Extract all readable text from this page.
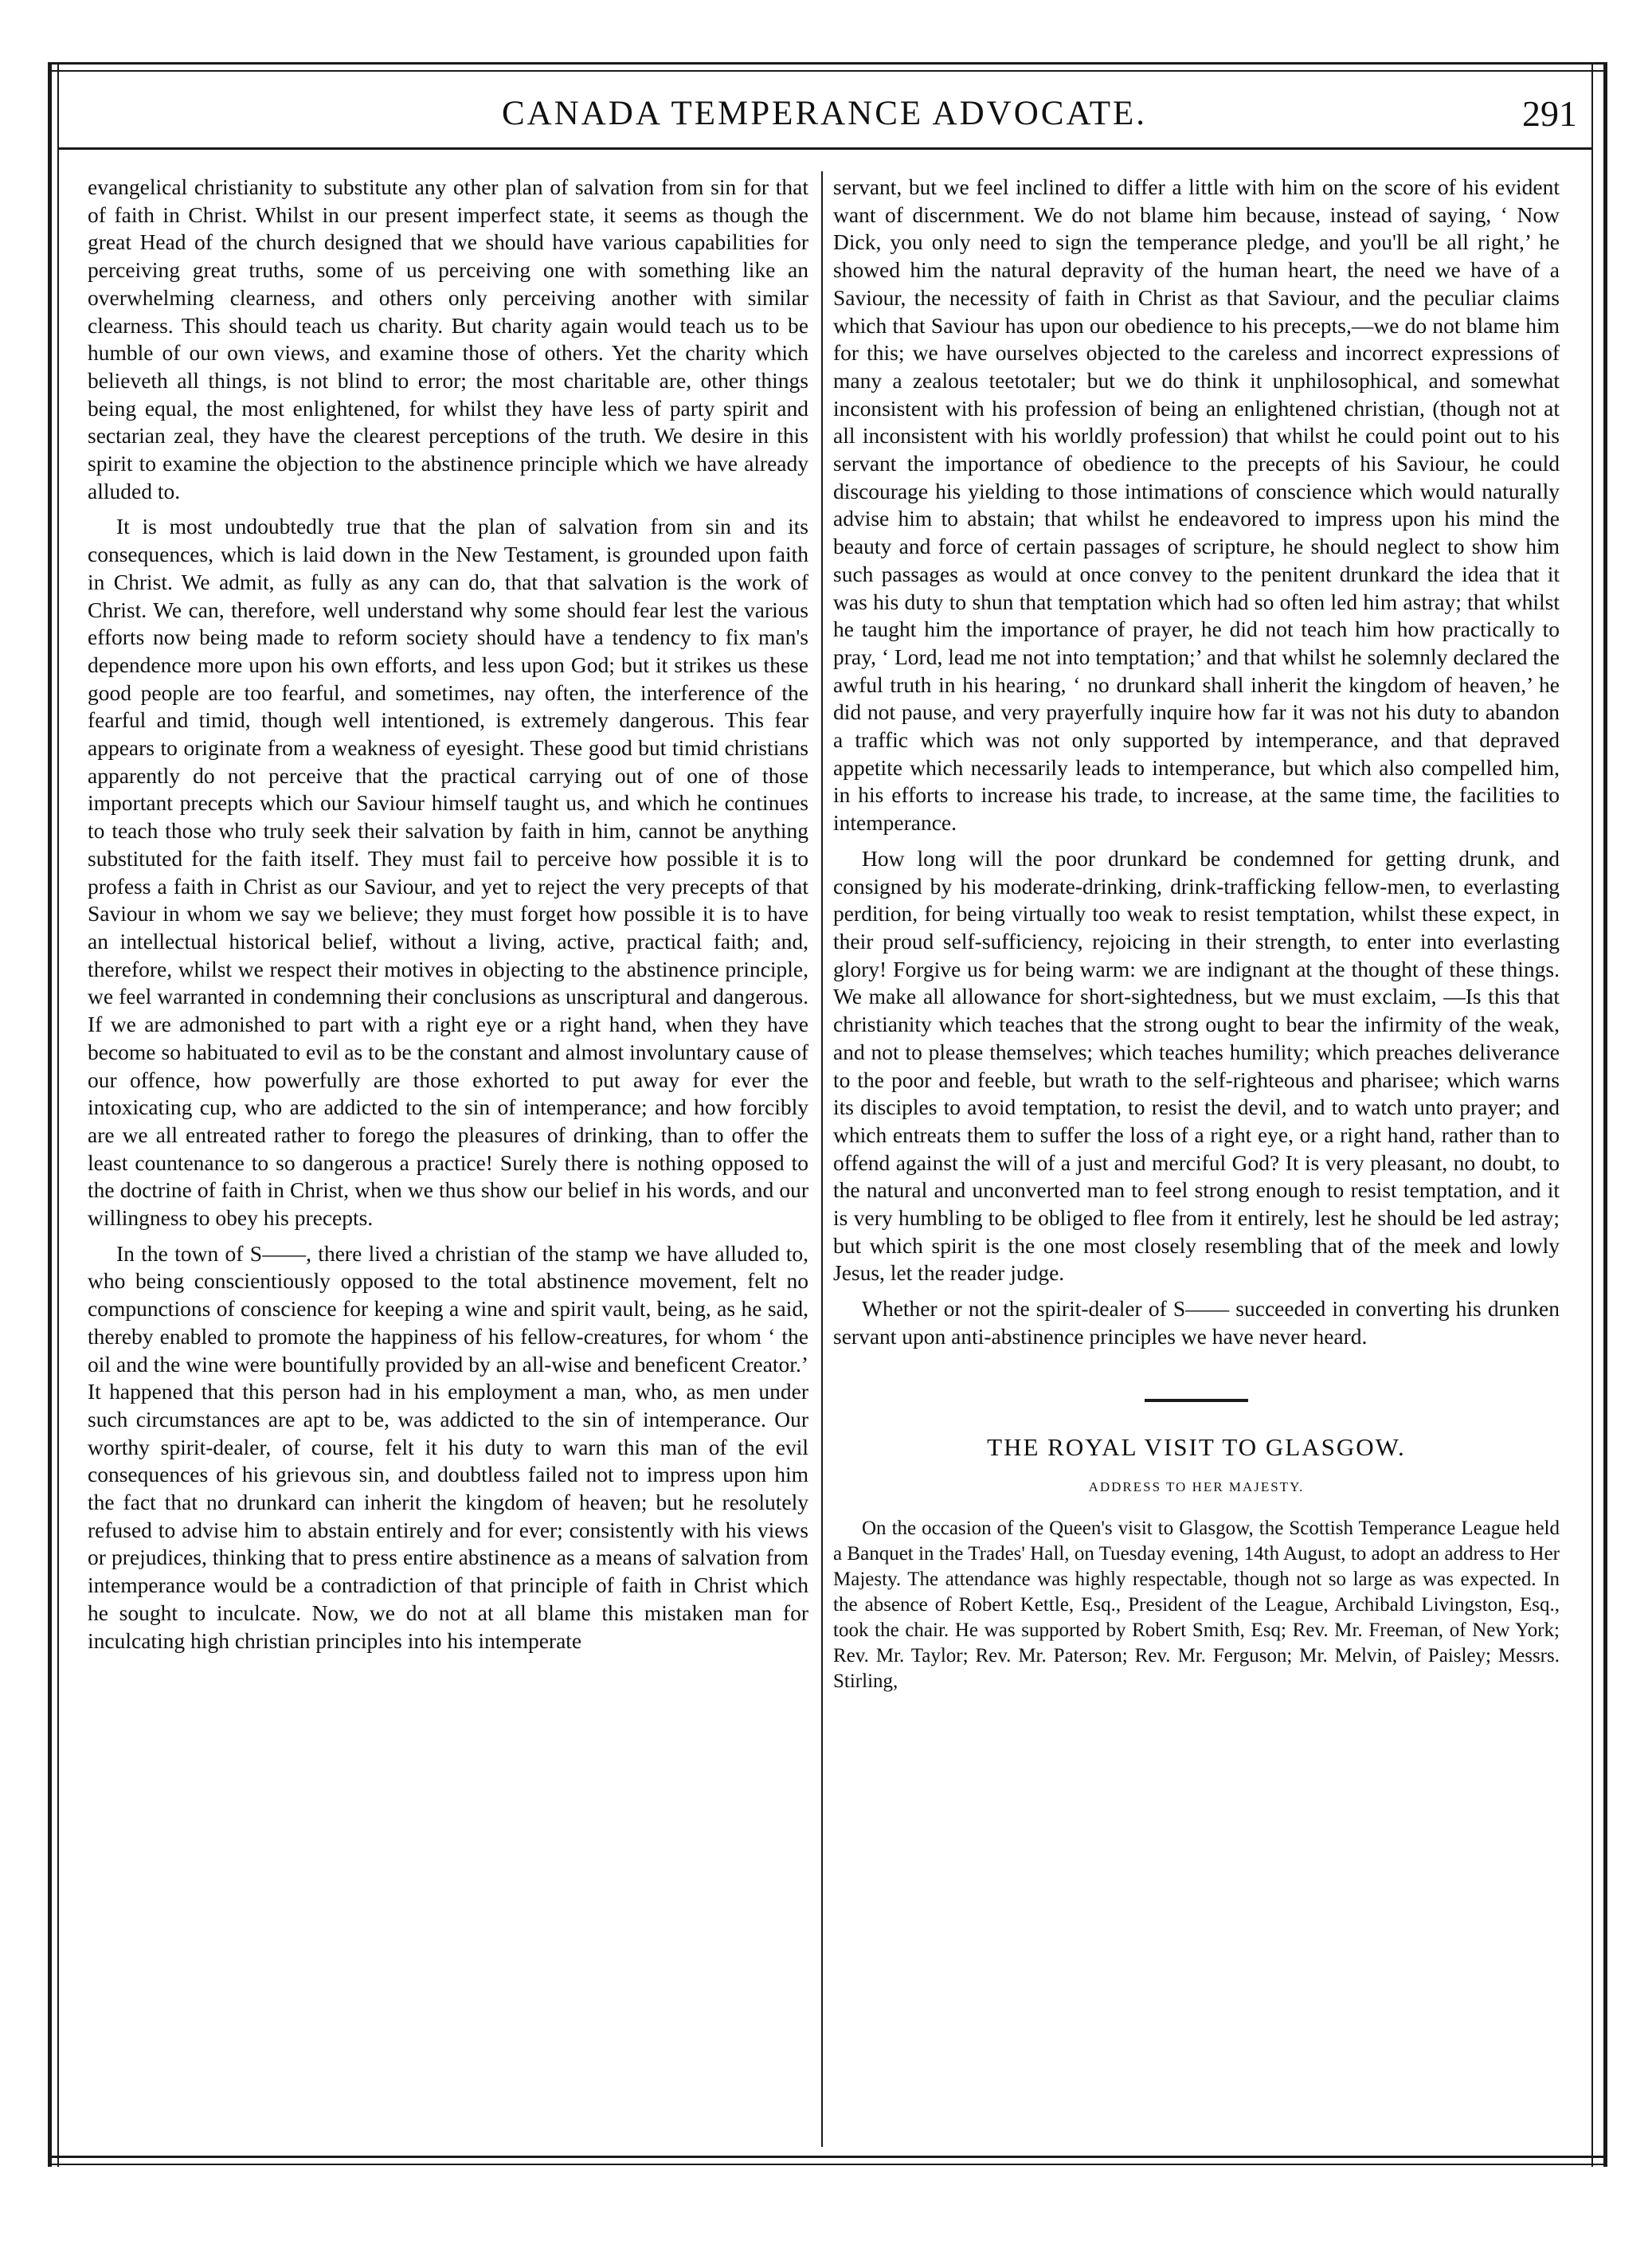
CANADA TEMPERANCE ADVOCATE.	291

evangelical christianity to substitute any other plan of salvation from sin for that of faith in Christ. Whilst in our present imperfect state, it seems as though the great Head of the church designed that we should have various capabilities for perceiving great truths, some of us perceiving one with something like an overwhelming clearness, and others only perceiving another with similar clearness. This should teach us charity. But charity again would teach us to be humble of our own views, and examine those of others. Yet the charity which believeth all things, is not blind to error; the most charitable are, other things being equal, the most enlightened, for whilst they have less of party spirit and sectarian zeal, they have the clearest perceptions of the truth. We desire in this spirit to examine the objection to the abstinence principle which we have already alluded to.

It is most undoubtedly true that the plan of salvation from sin and its consequences, which is laid down in the New Testament, is grounded upon faith in Christ. We admit, as fully as any can do, that that salvation is the work of Christ. We can, therefore, well understand why some should fear lest the various efforts now being made to reform society should have a tendency to fix man's dependence more upon his own efforts, and less upon God; but it strikes us these good people are too fearful, and sometimes, nay often, the interference of the fearful and timid, though well intentioned, is extremely dangerous. This fear appears to originate from a weakness of eyesight. These good but timid christians apparently do not perceive that the practical carrying out of one of those important precepts which our Saviour himself taught us, and which he continues to teach those who truly seek their salvation by faith in him, cannot be anything substituted for the faith itself. They must fail to perceive how possible it is to profess a faith in Christ as our Saviour, and yet to reject the very precepts of that Saviour in whom we say we believe; they must forget how possible it is to have an intellectual historical belief, without a living, active, practical faith; and, therefore, whilst we respect their motives in objecting to the abstinence principle, we feel warranted in condemning their conclusions as unscriptural and dangerous. If we are admonished to part with a right eye or a right hand, when they have become so habituated to evil as to be the constant and almost involuntary cause of our offence, how powerfully are those exhorted to put away for ever the intoxicating cup, who are addicted to the sin of intemperance; and how forcibly are we all entreated rather to forego the pleasures of drinking, than to offer the least countenance to so dangerous a practice! Surely there is nothing opposed to the doctrine of faith in Christ, when we thus show our belief in his words, and our willingness to obey his precepts.

In the town of S——, there lived a christian of the stamp we have alluded to, who being conscientiously opposed to the total abstinence movement, felt no compunctions of conscience for keeping a wine and spirit vault, being, as he said, thereby enabled to promote the happiness of his fellow-creatures, for whom ‘ the oil and the wine were bountifully provided by an all-wise and beneficent Creator.’ It happened that this person had in his employment a man, who, as men under such circumstances are apt to be, was addicted to the sin of intemperance. Our worthy spirit-dealer, of course, felt it his duty to warn this man of the evil consequences of his grievous sin, and doubtless failed not to impress upon him the fact that no drunkard can inherit the kingdom of heaven; but he resolutely refused to advise him to abstain entirely and for ever; consistently with his views or prejudices, thinking that to press entire abstinence as a means of salvation from intemperance would be a contradiction of that principle of faith in Christ which he sought to inculcate. Now, we do not at all blame this mistaken man for inculcating high christian principles into his intemperate

servant, but we feel inclined to differ a little with him on the score of his evident want of discernment. We do not blame him because, instead of saying, ‘ Now Dick, you only need to sign the temperance pledge, and you'll be all right,’ he showed him the natural depravity of the human heart, the need we have of a Saviour, the necessity of faith in Christ as that Saviour, and the peculiar claims which that Saviour has upon our obedience to his precepts,—we do not blame him for this; we have ourselves objected to the careless and incorrect expressions of many a zealous teetotaler; but we do think it unphilosophical, and somewhat inconsistent with his profession of being an enlightened christian, (though not at all inconsistent with his worldly profession) that whilst he could point out to his servant the importance of obedience to the precepts of his Saviour, he could discourage his yielding to those intimations of conscience which would naturally advise him to abstain; that whilst he endeavored to impress upon his mind the beauty and force of certain passages of scripture, he should neglect to show him such passages as would at once convey to the penitent drunkard the idea that it was his duty to shun that temptation which had so often led him astray; that whilst he taught him the importance of prayer, he did not teach him how practically to pray, ‘ Lord, lead me not into temptation;’ and that whilst he solemnly declared the awful truth in his hearing, ‘ no drunkard shall inherit the kingdom of heaven,’ he did not pause, and very prayerfully inquire how far it was not his duty to abandon a traffic which was not only supported by intemperance, and that depraved appetite which necessarily leads to intemperance, but which also compelled him, in his efforts to increase his trade, to increase, at the same time, the facilities to intemperance.

How long will the poor drunkard be condemned for getting drunk, and consigned by his moderate-drinking, drink-trafficking fellow-men, to everlasting perdition, for being virtually too weak to resist temptation, whilst these expect, in their proud self-sufficiency, rejoicing in their strength, to enter into everlasting glory! Forgive us for being warm: we are indignant at the thought of these things. We make all allowance for short-sightedness, but we must exclaim, —Is this that christianity which teaches that the strong ought to bear the infirmity of the weak, and not to please themselves; which teaches humility; which preaches deliverance to the poor and feeble, but wrath to the self-righteous and pharisee; which warns its disciples to avoid temptation, to resist the devil, and to watch unto prayer; and which entreats them to suffer the loss of a right eye, or a right hand, rather than to offend against the will of a just and merciful God? It is very pleasant, no doubt, to the natural and unconverted man to feel strong enough to resist temptation, and it is very humbling to be obliged to flee from it entirely, lest he should be led astray; but which spirit is the one most closely resembling that of the meek and lowly Jesus, let the reader judge.

Whether or not the spirit-dealer of S—— succeeded in converting his drunken servant upon anti-abstinence principles we have never heard.

THE ROYAL VISIT TO GLASGOW.
ADDRESS TO HER MAJESTY.

On the occasion of the Queen's visit to Glasgow, the Scottish Temperance League held a Banquet in the Trades' Hall, on Tuesday evening, 14th August, to adopt an address to Her Majesty. The attendance was highly respectable, though not so large as was expected. In the absence of Robert Kettle, Esq., President of the League, Archibald Livingston, Esq., took the chair. He was supported by Robert Smith, Esq; Rev. Mr. Freeman, of New York; Rev. Mr. Taylor; Rev. Mr. Paterson; Rev. Mr. Ferguson; Mr. Melvin, of Paisley; Messrs. Stirling,
